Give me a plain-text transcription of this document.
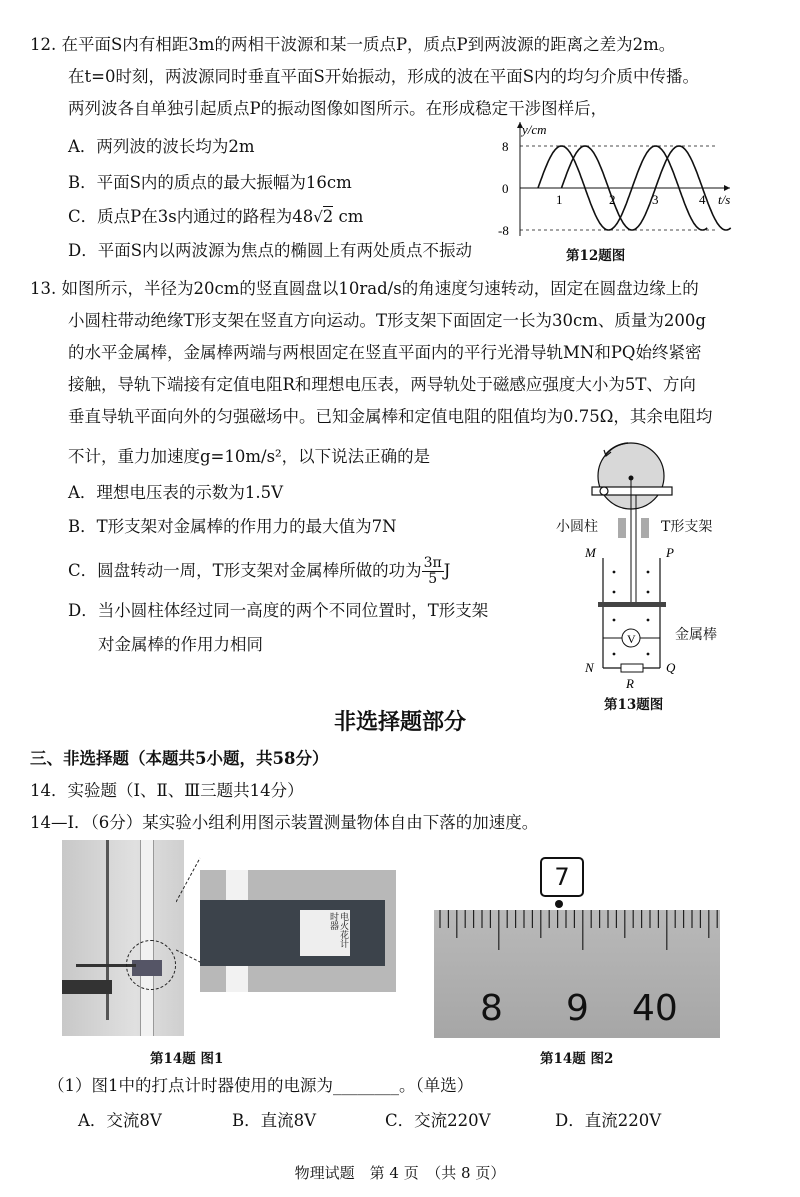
12. 在平面S内有相距3m的两相干波源和某一质点P，质点P到两波源的距离之差为2m。
在t=0时刻，两波源同时垂直平面S开始振动，形成的波在平面S内的均匀介质中传播。
两列波各自单独引起质点P的振动图像如图所示。在形成稳定干涉图样后，
A．两列波的波长均为2m
B．平面S内的质点的最大振幅为16cm
C．质点P在3s内通过的路程为48√2 cm
D．平面S内以两波源为焦点的椭圆上有两处质点不振动
y/cm
t/s
8
0
-8
1	2	3	4
第12题图
13. 如图所示，半径为20cm的竖直圆盘以10rad/s的角速度匀速转动，固定在圆盘边缘上的
小圆柱带动绝缘T形支架在竖直方向运动。T形支架下面固定一长为30cm、质量为200g
的水平金属棒，金属棒两端与两根固定在竖直平面内的平行光滑导轨MN和PQ始终紧密
接触，导轨下端接有定值电阻R和理想电压表，两导轨处于磁感应强度大小为5T、方向
垂直导轨平面向外的匀强磁场中。已知金属棒和定值电阻的阻值均为0.75Ω，其余电阻均
不计，重力加速度g=10m/s²，以下说法正确的是
A．理想电压表的示数为1.5V
B．T形支架对金属棒的作用力的最大值为7N
C．圆盘转动一周，T形支架对金属棒所做的功为 $\frac{3\pi}{5}$ J
D．当小圆柱体经过同一高度的两个不同位置时，T形支架
对金属棒的作用力相同	V
M	P
N	Q
R
小圆柱	T形支架
金属棒
第13题图
非选择题部分
三、非选择题（本题共5小题，共58分）
14．实验题（Ⅰ、Ⅱ、Ⅲ三题共14分）
14—Ⅰ．（6分）某实验小组利用图示装置测量物体自由下落的加速度。
电火花计时器
第14题 图1
7
8 9 40
第14题 图2
（1）图1中的打点计时器使用的电源为________。（单选）
A．交流8V	B．直流8V	C．交流220V	D．直流220V
物理试题　第 4 页　（共 8 页）
